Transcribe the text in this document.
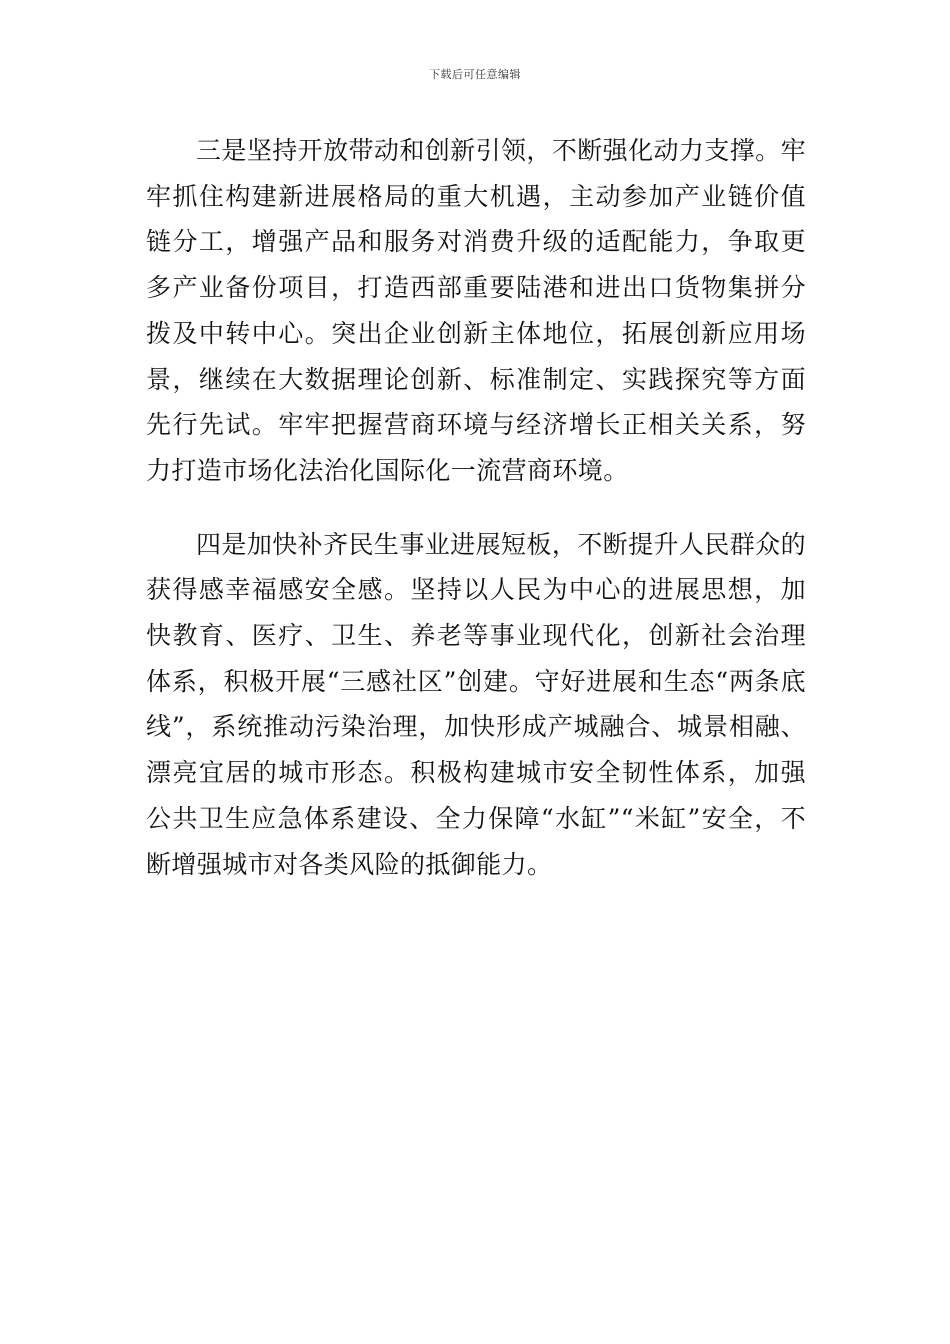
下载后可任意编辑

三是坚持开放带动和创新引领，不断强化动力支撑。牢牢抓住构建新进展格局的重大机遇，主动参加产业链价值链分工，增强产品和服务对消费升级的适配能力，争取更多产业备份项目，打造西部重要陆港和进出口货物集拼分拨及中转中心。突出企业创新主体地位，拓展创新应用场景，继续在大数据理论创新、标准制定、实践探究等方面先行先试。牢牢把握营商环境与经济增长正相关关系，努力打造市场化法治化国际化一流营商环境。

四是加快补齐民生事业进展短板，不断提升人民群众的获得感幸福感安全感。坚持以人民为中心的进展思想，加快教育、医疗、卫生、养老等事业现代化，创新社会治理体系，积极开展“三感社区”创建。守好进展和生态“两条底线”，系统推动污染治理，加快形成产城融合、城景相融、漂亮宜居的城市形态。积极构建城市安全韧性体系，加强公共卫生应急体系建设、全力保障“水缸”“米缸”安全，不断增强城市对各类风险的抵御能力。
